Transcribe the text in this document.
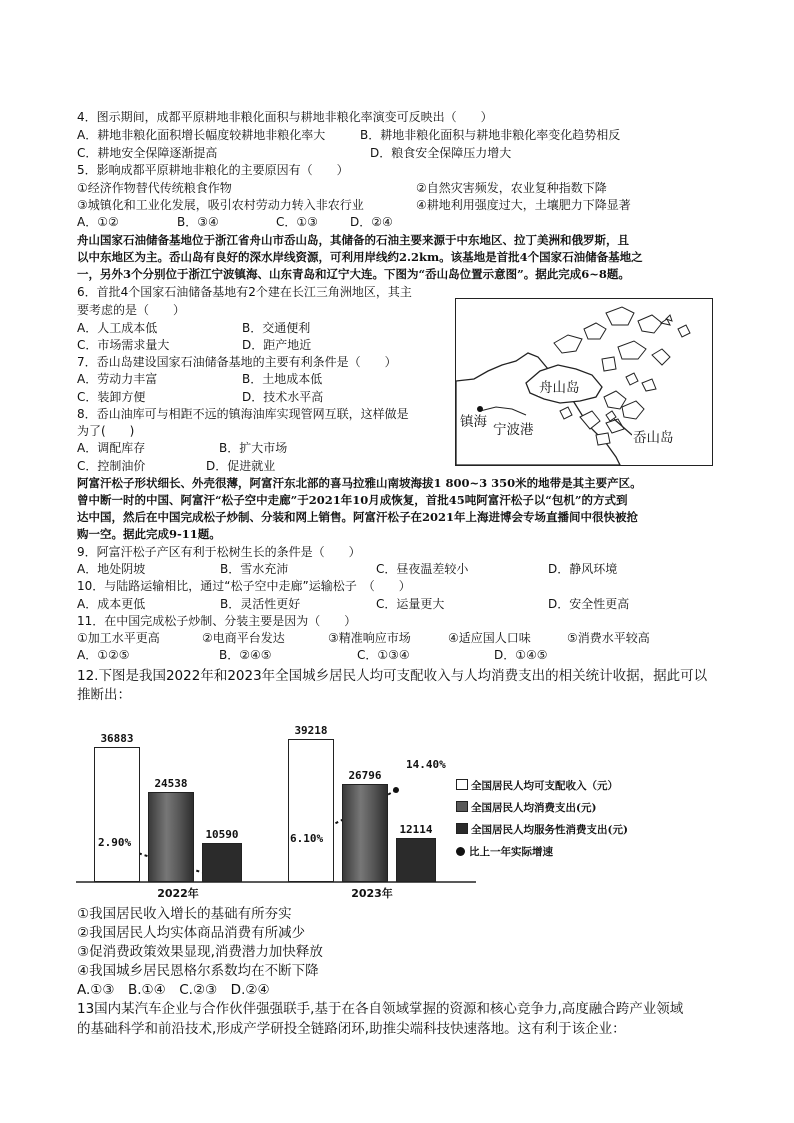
4．图示期间，成都平原耕地非粮化面积与耕地非粮化率演变可反映出（　　）
A．耕地非粮化面积增长幅度较耕地非粮化率大	B．耕地非粮化面积与耕地非粮化率变化趋势相反
C．耕地安全保障逐渐提高	D．粮食安全保障压力增大
5．影响成都平原耕地非粮化的主要原因有（　　）
①经济作物替代传统粮食作物	②自然灾害频发，农业复种指数下降
③城镇化和工业化发展，吸引农村劳动力转入非农行业	④耕地利用强度过大，土壤肥力下降显著
A．①②	B．③④	C．①③	D．②④
6．首批4个国家石油储备基地有2个建在长江三角洲地区，其主
要考虑的是（　　）
A．人工成本低	B．交通便利
C．市场需求量大	D．距产地近
7．岙山岛建设国家石油储备基地的主要有利条件是（　　）
A．劳动力丰富	B．土地成本低
C．装卸方便	D．技术水平高
8．岙山油库可与相距不远的镇海油库实现管网互联，这样做是
为了(　　)
A．调配库存	B．扩大市场
C．控制油价	D．促进就业
9．阿富汗松子产区有利于松树生长的条件是（　　）
A．地处阴坡	B．雪水充沛	C．昼夜温差较小	D．静风环境
10．与陆路运输相比，通过“松子空中走廊”运输松子　（　　）
A．成本更低	B．灵活性更好	C．运量更大	D．安全性更高
11．在中国完成松子炒制、分装主要是因为（　　）
①加工水平更高	②电商平台发达	③精准响应市场	④适应国人口味	⑤消费水平较高
A．①②⑤	B．②④⑤	C．①③④	D．①④⑤
舟山国家石油储备基地位于浙江省舟山市岙山岛，其储备的石油主要来源于中东地区、拉丁美洲和俄罗斯，且
以中东地区为主。岙山岛有良好的深水岸线资源，可利用岸线约2.2km。该基地是首批4个国家石油储备基地之
一，另外3个分别位于浙江宁波镇海、山东青岛和辽宁大连。下图为“岙山岛位置示意图”。据此完成6~8题。
阿富汗松子形状细长、外壳很薄，阿富汗东北部的喜马拉雅山南坡海拔1 800~3 350米的地带是其主要产区。
曾中断一时的中国、阿富汗“松子空中走廊”于2021年10月成恢复，首批45吨阿富汗松子以“包机”的方式到
达中国，然后在中国完成松子炒制、分装和网上销售。阿富汗松子在2021年上海进博会专场直播间中很快被抢
购一空。据此完成9-11题。
12.下图是我国2022年和2023年全国城乡居民人均可支配收入与人均消费支出的相关统计收据，据此可以
推断出：
①我国居民收入增长的基础有所夯实
②我国居民人均实体商品消费有所减少
③促消费政策效果显现,消费潜力加快释放
④我国城乡居民恩格尔系数均在不断下降
A.①③　B.①④　C.②③　D.②④
13国内某汽车企业与合作伙伴强强联手,基于在各自领域掌握的资源和核心竞争力,高度融合跨产业领域
的基础科学和前沿技术,形成产学研投全链路闭环,助推尖端科技快速落地。这有利于该企业：
舟山岛
镇海 宁波港	岙山岛
36883
24538
10590
2022年
39218
26796
12114
2023年
2.90%	6.10%
14.40%
全国居民人均可支配收入（元）
全国居民人均消费支出(元)
全国居民人均服务性消费支出(元)
比上一年实际增速
